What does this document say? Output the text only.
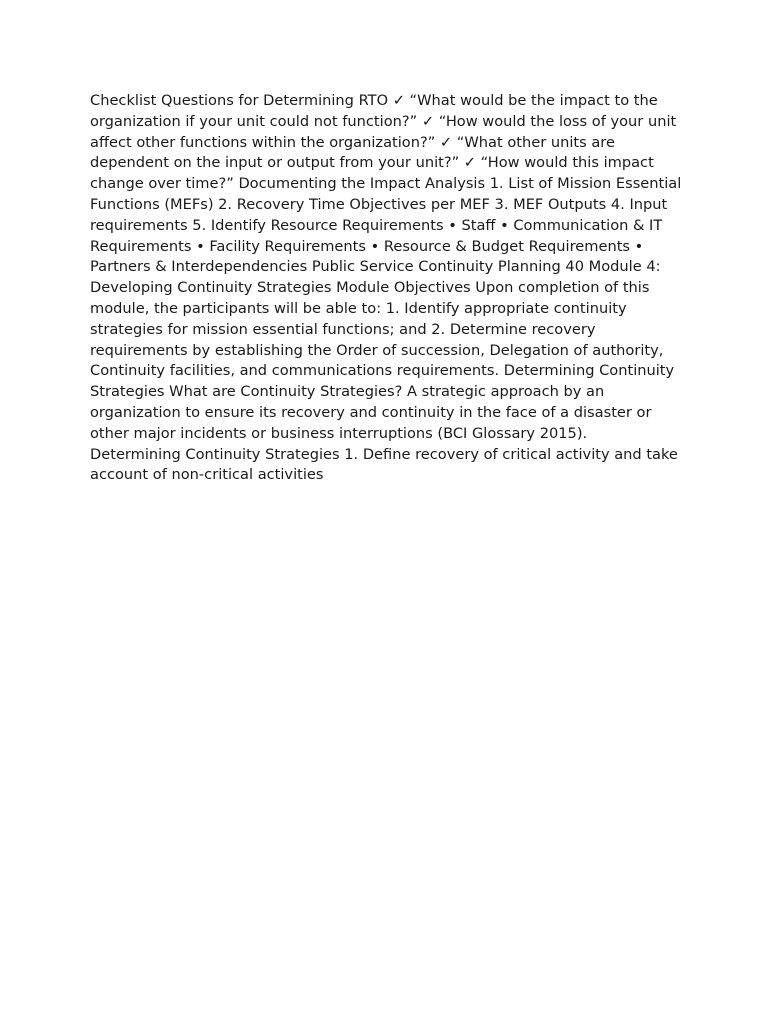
Checklist Questions for Determining RTO ✓ “What would be the impact to the organization if your unit could not function?” ✓ “How would the loss of your unit affect other functions within the organization?” ✓ “What other units are dependent on the input or output from your unit?” ✓ “How would this impact change over time?” Documenting the Impact Analysis 1. List of Mission Essential Functions (MEFs) 2. Recovery Time Objectives per MEF 3. MEF Outputs 4. Input requirements 5. Identify Resource Requirements • Staff • Communication & IT Requirements • Facility Requirements • Resource & Budget Requirements • Partners & Interdependencies Public Service Continuity Planning 40 Module 4: Developing Continuity Strategies Module Objectives Upon completion of this module, the participants will be able to: 1. Identify appropriate continuity strategies for mission essential functions; and 2. Determine recovery requirements by establishing the Order of succession, Delegation of authority, Continuity facilities, and communications requirements. Determining Continuity Strategies What are Continuity Strategies? A strategic approach by an organization to ensure its recovery and continuity in the face of a disaster or other major incidents or business interruptions (BCI Glossary 2015). Determining Continuity Strategies 1. Define recovery of critical activity and take account of non-critical activities
